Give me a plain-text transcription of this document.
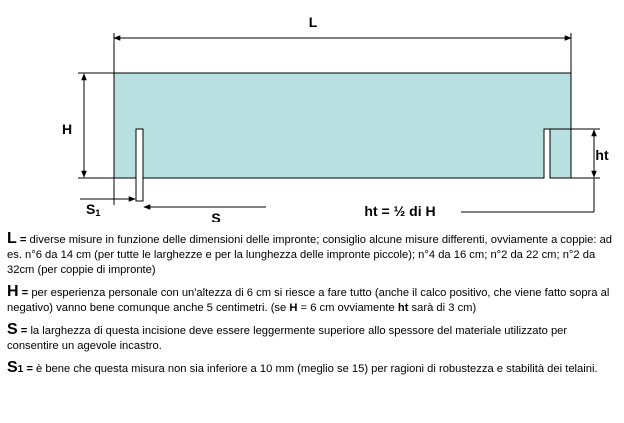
L
H
ht
ht = ½ di H
S1	S

L = diverse misure in funzione delle dimensioni delle impronte; consiglio alcune misure differenti, ovviamente a coppie: ad es. n°6 da 14 cm (per tutte le larghezze e per la lunghezza delle impronte piccole); n°4 da 16 cm; n°2 da 22 cm; n°2 da 32cm (per coppie di impronte)

H = per esperienza personale con un'altezza di 6 cm si riesce a fare tutto (anche il calco positivo, che viene fatto sopra al negativo) vanno bene comunque anche 5 centimetri. (se H = 6 cm ovviamente ht sarà di 3 cm)

S = la larghezza di questa incisione deve essere leggermente superiore allo spessore del materiale utilizzato per consentire un agevole incastro.

S1 = è bene che questa misura non sia inferiore a 10 mm (meglio se 15) per ragioni di robustezza e stabilità dei telaini.
